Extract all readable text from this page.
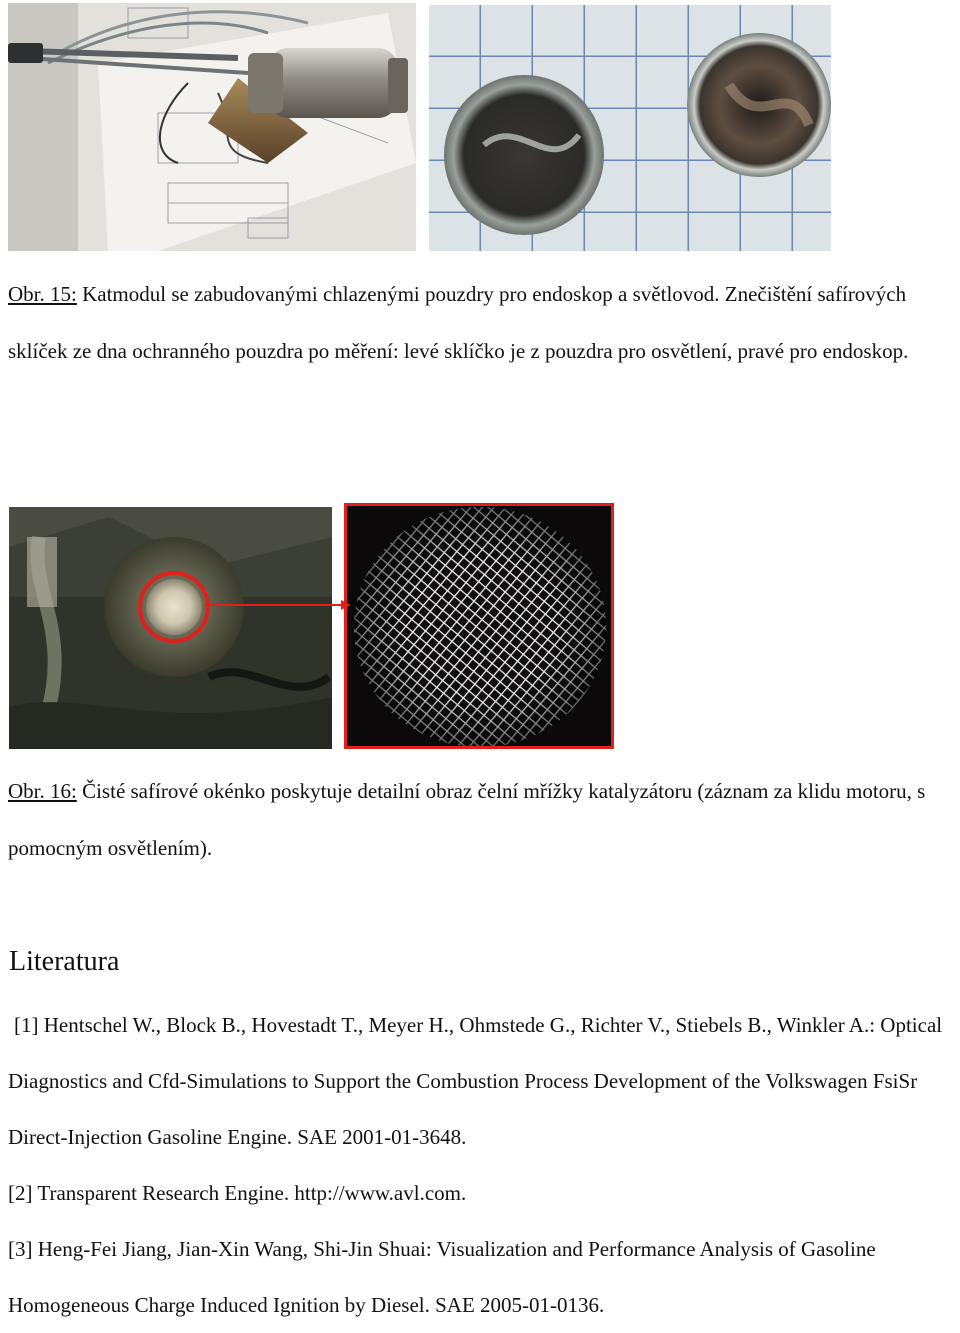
Obr. 15: Katmodul se zabudovanými chlazenými pouzdry pro endoskop a světlovod. Znečištění safírových sklíček ze dna ochranného pouzdra po měření: levé sklíčko je z pouzdra pro osvětlení, pravé pro endoskop.

Obr. 16: Čisté safírové okénko poskytuje detailní obraz čelní mřížky katalyzátoru (záznam za klidu motoru, s pomocným osvětlením).

Literatura

[1] Hentschel W., Block B., Hovestadt T., Meyer H., Ohmstede G., Richter V., Stiebels B., Winkler A.: Optical Diagnostics and Cfd-Simulations to Support the Combustion Process Development of the Volkswagen FsiSr Direct-Injection Gasoline Engine. SAE 2001-01-3648.
[2] Transparent Research Engine. http://www.avl.com.
[3] Heng-Fei Jiang, Jian-Xin Wang, Shi-Jin Shuai: Visualization and Performance Analysis of Gasoline Homogeneous Charge Induced Ignition by Diesel. SAE 2005-01-0136.
